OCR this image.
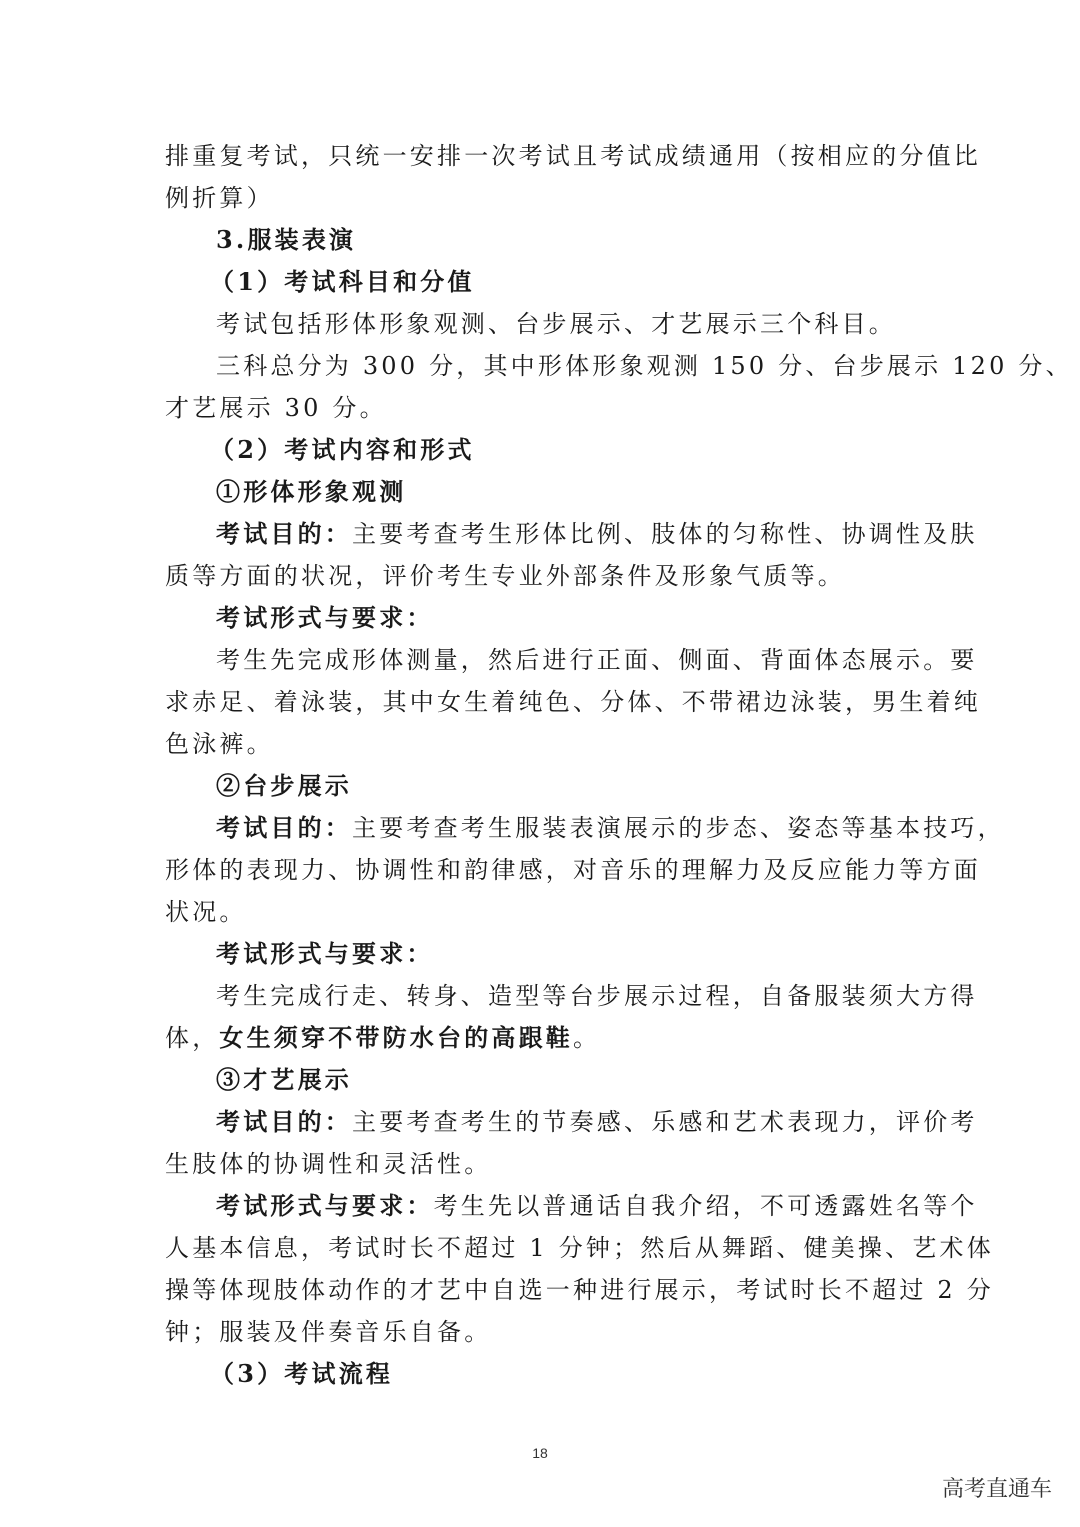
排重复考试，只统一安排一次考试且考试成绩通用（按相应的分值比
例折算）
3.服装表演
（1）考试科目和分值
考试包括形体形象观测、台步展示、才艺展示三个科目。
三科总分为 300 分，其中形体形象观测 150 分、台步展示 120 分、
才艺展示 30 分。
（2）考试内容和形式
①形体形象观测
考试目的：主要考查考生形体比例、肢体的匀称性、协调性及肤
质等方面的状况，评价考生专业外部条件及形象气质等。
考试形式与要求：
考生先完成形体测量，然后进行正面、侧面、背面体态展示。要
求赤足、着泳装，其中女生着纯色、分体、不带裙边泳装，男生着纯
色泳裤。
②台步展示
考试目的：主要考查考生服装表演展示的步态、姿态等基本技巧，
形体的表现力、协调性和韵律感，对音乐的理解力及反应能力等方面
状况。
考试形式与要求：
考生完成行走、转身、造型等台步展示过程，自备服装须大方得
体，女生须穿不带防水台的高跟鞋。
③才艺展示
考试目的：主要考查考生的节奏感、乐感和艺术表现力，评价考
生肢体的协调性和灵活性。
考试形式与要求：考生先以普通话自我介绍，不可透露姓名等个
人基本信息，考试时长不超过 1 分钟；然后从舞蹈、健美操、艺术体
操等体现肢体动作的才艺中自选一种进行展示，考试时长不超过 2 分
钟；服装及伴奏音乐自备。
（3）考试流程
18
高考直通车
